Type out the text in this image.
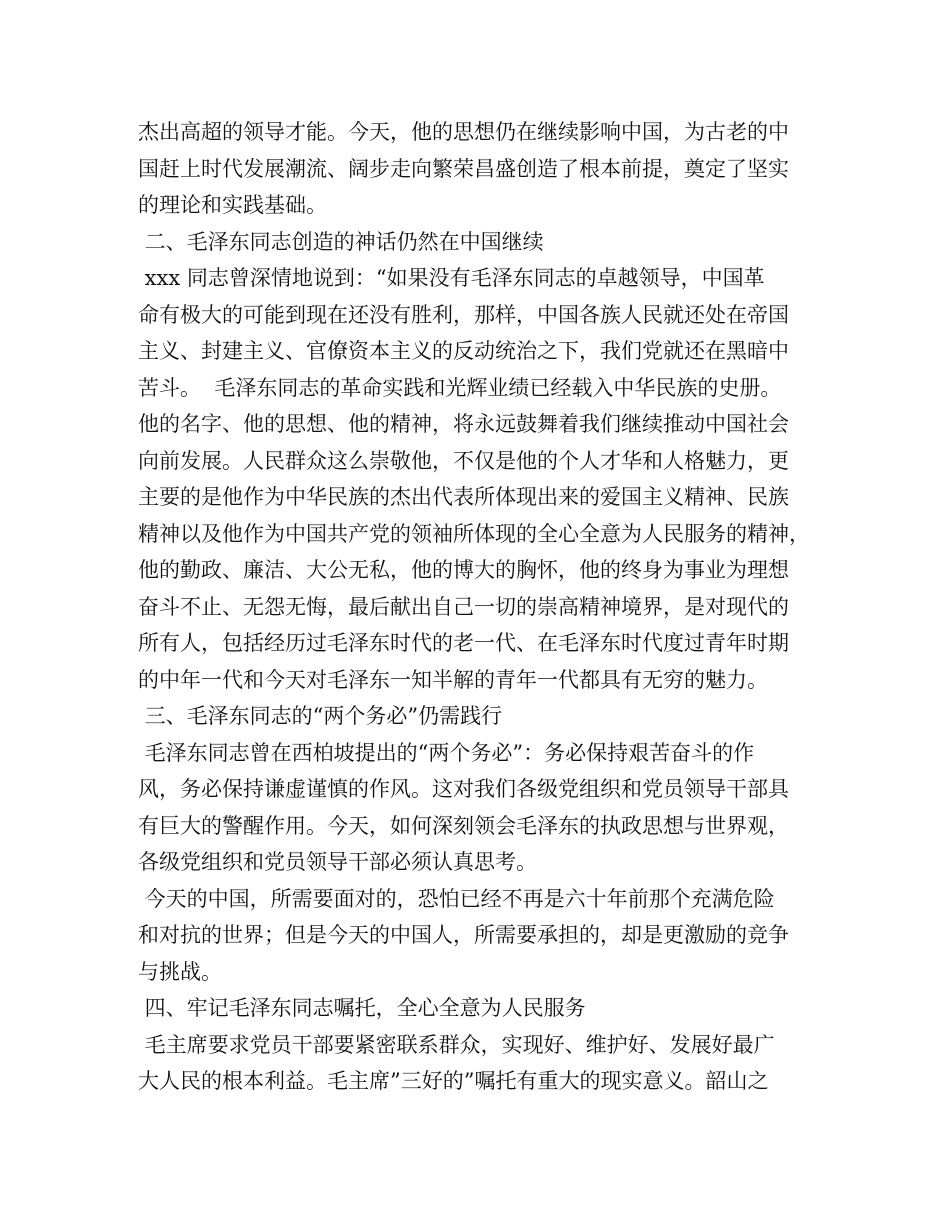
杰出高超的领导才能。今天，他的思想仍在继续影响中国，为古老的中
国赶上时代发展潮流、阔步走向繁荣昌盛创造了根本前提，奠定了坚实
的理论和实践基础。
二、毛泽东同志创造的神话仍然在中国继续
xxx 同志曾深情地说到：“如果没有毛泽东同志的卓越领导，中国革
命有极大的可能到现在还没有胜利，那样，中国各族人民就还处在帝国
主义、封建主义、官僚资本主义的反动统治之下，我们党就还在黑暗中
苦斗。  毛泽东同志的革命实践和光辉业绩已经载入中华民族的史册。
他的名字、他的思想、他的精神，将永远鼓舞着我们继续推动中国社会
向前发展。人民群众这么崇敬他，不仅是他的个人才华和人格魅力，更
主要的是他作为中华民族的杰出代表所体现出来的爱国主义精神、民族
精神以及他作为中国共产党的领袖所体现的全心全意为人民服务的精神，
他的勤政、廉洁、大公无私，他的博大的胸怀，他的终身为事业为理想
奋斗不止、无怨无悔，最后献出自己一切的崇高精神境界，是对现代的
所有人，包括经历过毛泽东时代的老一代、在毛泽东时代度过青年时期
的中年一代和今天对毛泽东一知半解的青年一代都具有无穷的魅力。
三、毛泽东同志的“两个务必”仍需践行
毛泽东同志曾在西柏坡提出的“两个务必”：务必保持艰苦奋斗的作
风，务必保持谦虚谨慎的作风。这对我们各级党组织和党员领导干部具
有巨大的警醒作用。今天，如何深刻领会毛泽东的执政思想与世界观，
各级党组织和党员领导干部必须认真思考。
今天的中国，所需要面对的，恐怕已经不再是六十年前那个充满危险
和对抗的世界；但是今天的中国人，所需要承担的，却是更激励的竞争
与挑战。
四、牢记毛泽东同志嘱托，全心全意为人民服务
毛主席要求党员干部要紧密联系群众，实现好、维护好、发展好最广
大人民的根本利益。毛主席”三好的”嘱托有重大的现实意义。韶山之
